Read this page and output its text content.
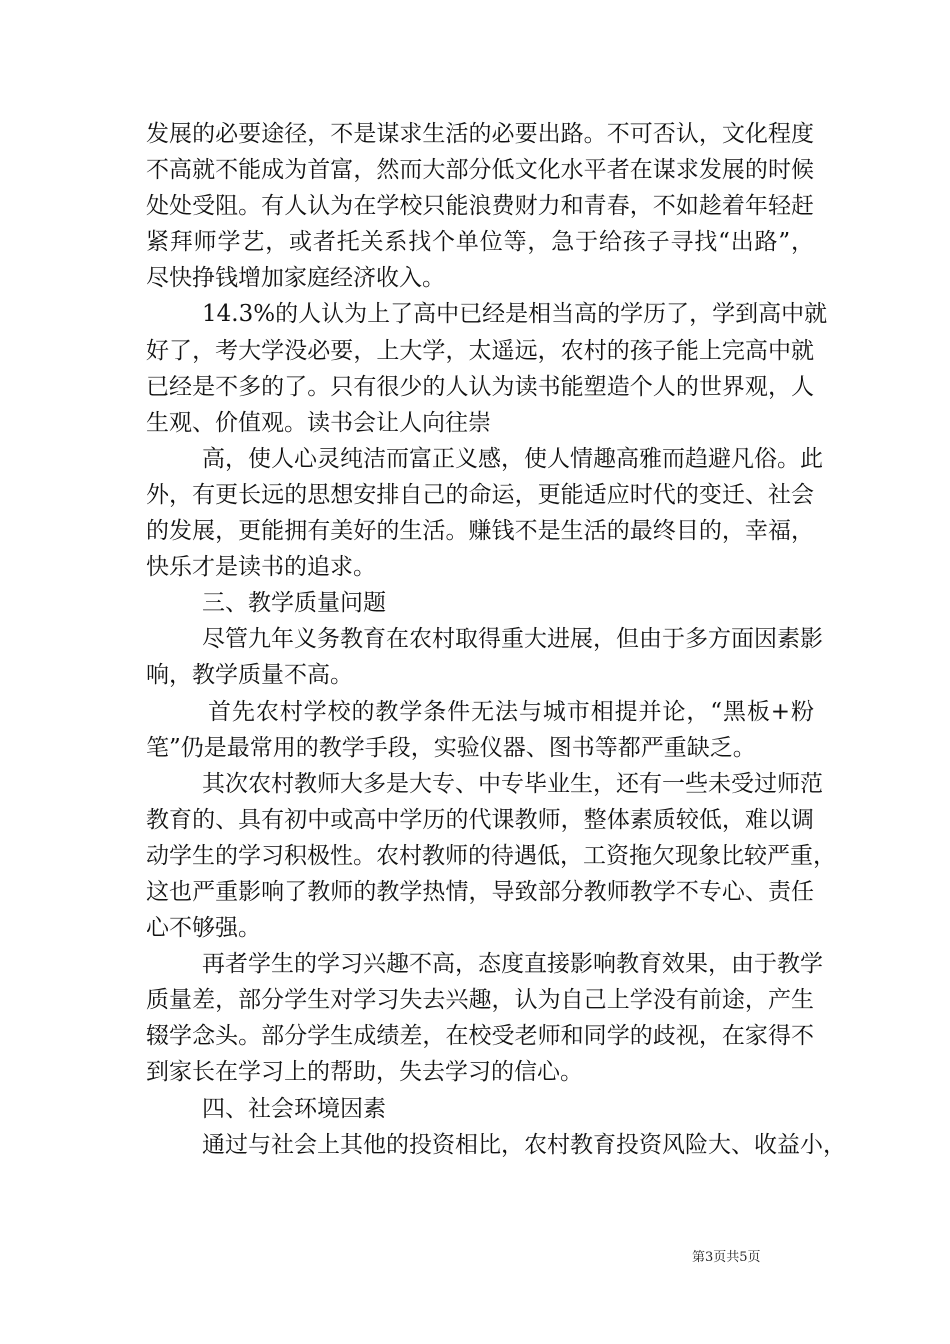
发展的必要途径，不是谋求生活的必要出路。不可否认，文化程度
不高就不能成为首富，然而大部分低文化水平者在谋求发展的时候
处处受阻。有人认为在学校只能浪费财力和青春，不如趁着年轻赶
紧拜师学艺，或者托关系找个单位等，急于给孩子寻找“出路”，
尽快挣钱增加家庭经济收入。
14.3%的人认为上了高中已经是相当高的学历了，学到高中就
好了，考大学没必要，上大学，太遥远，农村的孩子能上完高中就
已经是不多的了。只有很少的人认为读书能塑造个人的世界观，人
生观、价值观。读书会让人向往崇
高，使人心灵纯洁而富正义感，使人情趣高雅而趋避凡俗。此
外，有更长远的思想安排自己的命运，更能适应时代的变迁、社会
的发展，更能拥有美好的生活。赚钱不是生活的最终目的，幸福，
快乐才是读书的追求。
三、教学质量问题
尽管九年义务教育在农村取得重大进展，但由于多方面因素影
响，教学质量不高。
首先农村学校的教学条件无法与城市相提并论，“黑板+粉
笔”仍是最常用的教学手段，实验仪器、图书等都严重缺乏。
其次农村教师大多是大专、中专毕业生，还有一些未受过师范
教育的、具有初中或高中学历的代课教师，整体素质较低，难以调
动学生的学习积极性。农村教师的待遇低，工资拖欠现象比较严重，
这也严重影响了教师的教学热情，导致部分教师教学不专心、责任
心不够强。
再者学生的学习兴趣不高，态度直接影响教育效果，由于教学
质量差，部分学生对学习失去兴趣，认为自己上学没有前途，产生
辍学念头。部分学生成绩差，在校受老师和同学的歧视，在家得不
到家长在学习上的帮助，失去学习的信心。
四、社会环境因素
通过与社会上其他的投资相比，农村教育投资风险大、收益小，
第3页共5页
